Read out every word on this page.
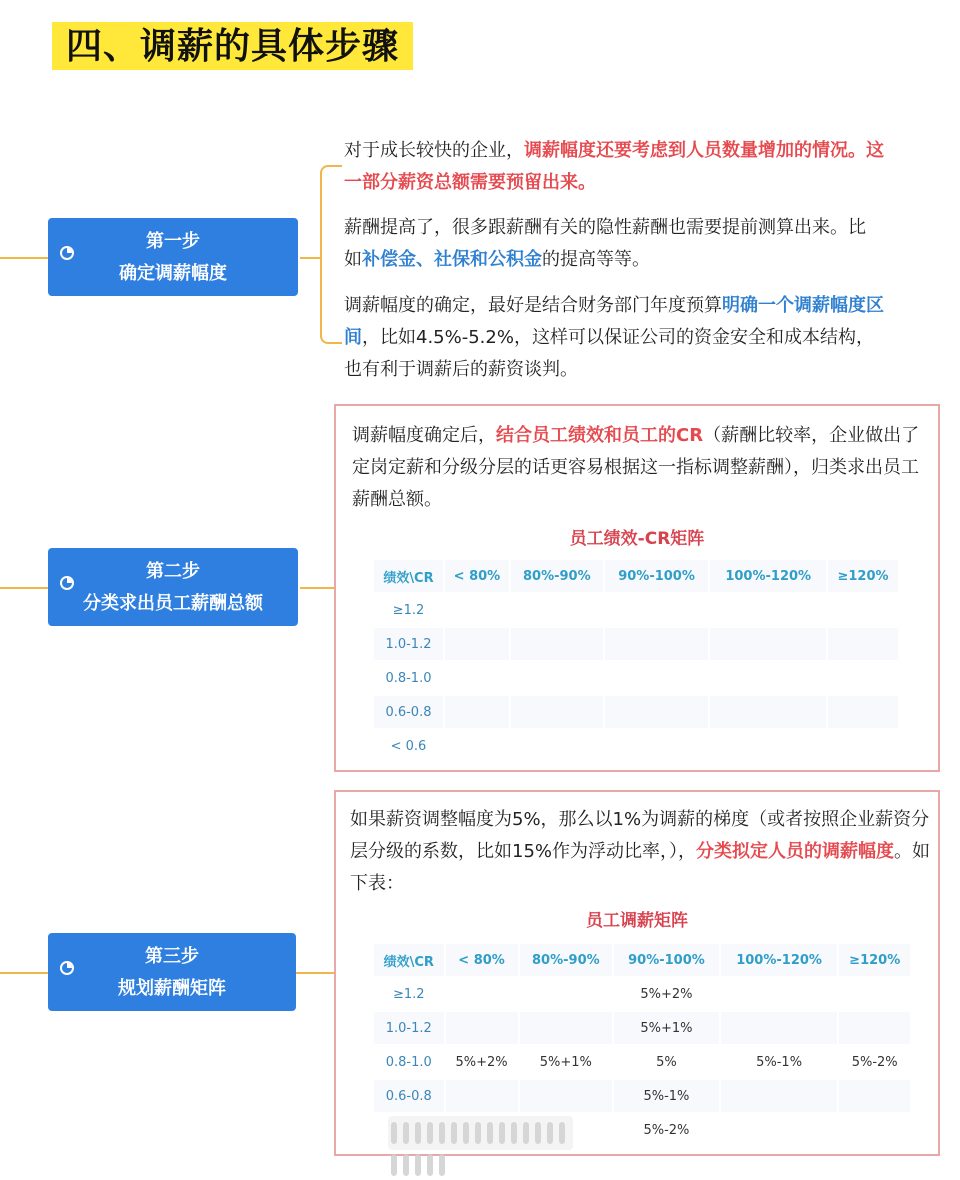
四、调薪的具体步骤
第一步
确定调薪幅度
对于成长较快的企业，调薪幅度还要考虑到人员数量增加的情况。这一部分薪资总额需要预留出来。
薪酬提高了，很多跟薪酬有关的隐性薪酬也需要提前测算出来。比如补偿金、社保和公积金的提高等等。
调薪幅度的确定，最好是结合财务部门年度预算明确一个调薪幅度区间，比如4.5%-5.2%，这样可以保证公司的资金安全和成本结构，也有利于调薪后的薪资谈判。
第二步
分类求出员工薪酬总额
调薪幅度确定后，结合员工绩效和员工的CR（薪酬比较率，企业做出了定岗定薪和分级分层的话更容易根据这一指标调整薪酬），归类求出员工薪酬总额。
员工绩效-CR矩阵
绩效\CR	< 80%	80%-90%	90%-100%	100%-120%	≥120%
≥1.2					
1.0-1.2					
0.8-1.0					
0.6-0.8					
< 0.6					
第三步
规划薪酬矩阵
如果薪资调整幅度为5%，那么以1%为调薪的梯度（或者按照企业薪资分层分级的系数，比如15%作为浮动比率，），分类拟定人员的调薪幅度。如下表：
员工调薪矩阵
绩效\CR	< 80%	80%-90%	90%-100%	100%-120%	≥120%
≥1.2			5%+2%		
1.0-1.2			5%+1%		
0.8-1.0	5%+2%	5%+1%	5%	5%-1%	5%-2%
0.6-0.8			5%-1%		
			5%-2%		
